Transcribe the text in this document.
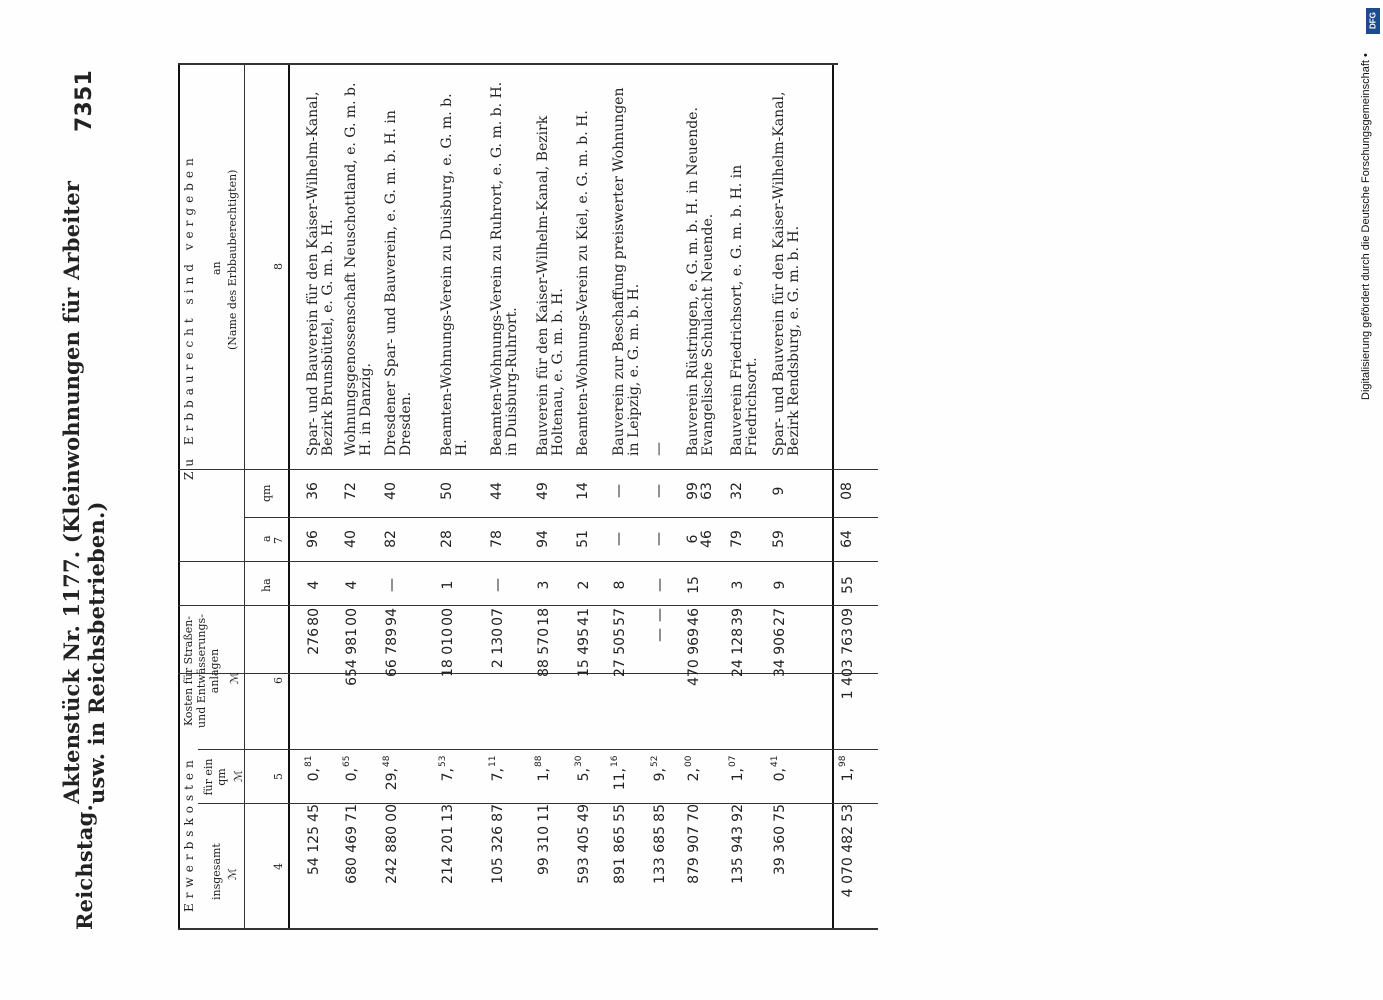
Reichstag.
Aktenstück Nr. 1177. (Kleinwohnungen für Arbeiter usw. in Reichsbetrieben.)
7351
Erwerbskosten insgesamt ℳ
für ein qm ℳ
Kosten für Straßen- und Entwässerungs- anlagen ℳ
Zu Erbbaurecht sind vergeben
ha
a
qm
an (Name des Erbbauberechtigten)
4
5
6
7
8
54 125
45
0,
81
276
80
4
96
36
Spar- und Bauverein für den Kaiser-Wilhelm-Kanal, Bezirk Brunsbüttel, e. G. m. b. H.
680 469
71
0,
65
654 981
00
4
40
72
Wohnungsgenossenschaft Neuschottland, e. G. m. b. H. in Danzig.
242 880
00
29,
48
66 789
94
—
82
40
Dresdener Spar- und Bauverein, e. G. m. b. H. in Dresden.
214 201
13
7,
53
18 010
00
1
28
50
Beamten-Wohnungs-Verein zu Duisburg, e. G. m. b. H.
105 326
87
7,
11
2 130
07
—
78
44
Beamten-Wohnungs-Verein zu Ruhrort, e. G. m. b. H. in Duisburg-Ruhrort.
99 310
11
1,
88
88 570
18
3
94
49
Bauverein für den Kaiser-Wilhelm-Kanal, Bezirk Holtenau, e. G. m. b. H.
593 405
49
5,
30
15 495
41
2
51
14
Beamten-Wohnungs-Verein zu Kiel, e. G. m. b. H.
891 865
55
11,
16
27 505
57
8
—
—
Bauverein zur Beschaffung preiswerter Wohnungen in Leipzig, e. G. m. b. H.
133 685
85
9,
52
—
—
—
—
—
—
879 907
70
2,
00
470 969
46
15
6
46
99
63
Bauverein Rüstringen, e. G. m. b. H. in Neuende. Evangelische Schulacht Neuende.
135 943
92
1,
07
24 128
39
3
79
32
Bauverein Friedrichsort, e. G. m. b. H. in Friedrichsort.
39 360
75
0,
41
34 906
27
9
59
9
Spar- und Bauverein für den Kaiser-Wilhelm-Kanal, Bezirk Rendsburg, e. G. m. b. H.
4 070 482
53
1,
98
1 403 763
09
55
64
08
DFG
Digitalisierung gefördert durch die Deutsche Forschungsgemeinschaft •
